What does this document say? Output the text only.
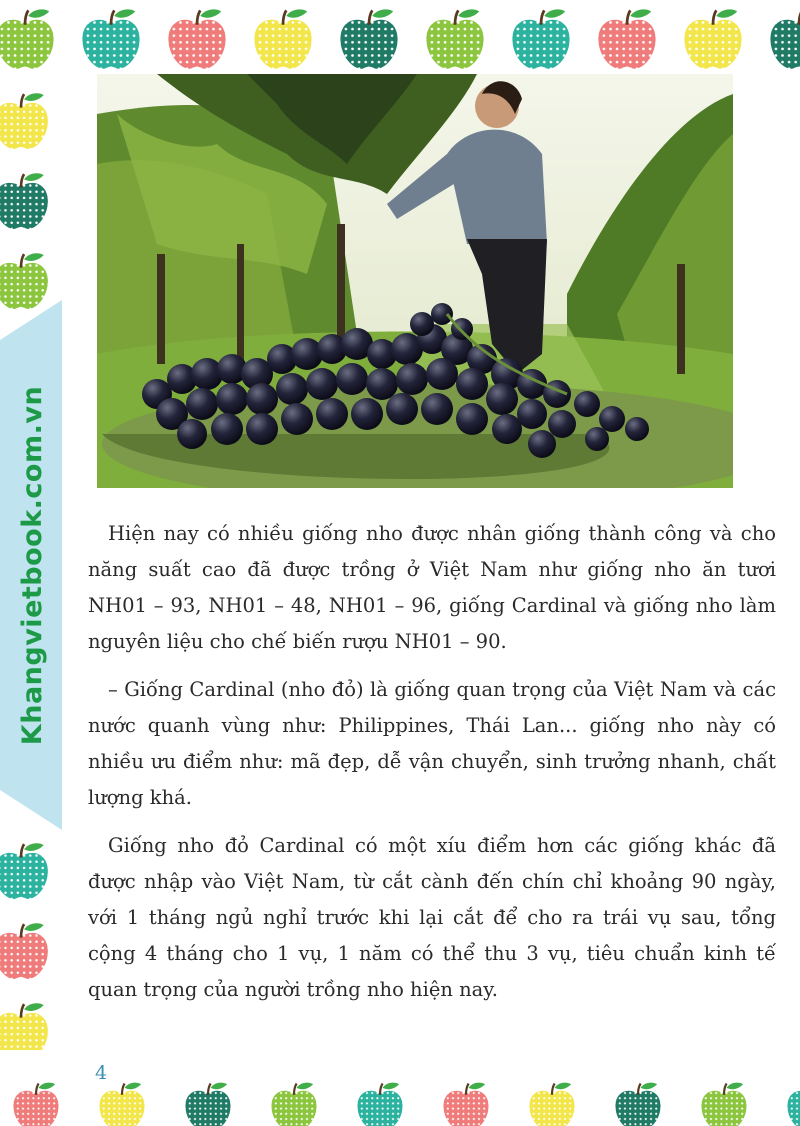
Khangvietbook.com.vn	Hiện nay có nhiều giống nho được nhân giống thành công và cho năng suất cao đã được trồng ở Việt Nam như giống nho ăn tươi NH01 – 93, NH01 – 48, NH01 – 96, giống Cardinal và giống nho làm nguyên liệu cho chế biến rượu NH01 – 90.

– Giống Cardinal (nho đỏ) là giống quan trọng của Việt Nam và các nước quanh vùng như: Philippines, Thái Lan... giống nho này có nhiều ưu điểm như: mã đẹp, dễ vận chuyển, sinh trưởng nhanh, chất lượng khá.

Giống nho đỏ Cardinal có một xíu điểm hơn các giống khác đã được nhập vào Việt Nam, từ cắt cành đến chín chỉ khoảng 90 ngày, với 1 tháng ngủ nghỉ trước khi lại cắt để cho ra trái vụ sau, tổng cộng 4 tháng cho 1 vụ, 1 năm có thể thu 3 vụ, tiêu chuẩn kinh tế quan trọng của người trồng nho hiện nay.

4
